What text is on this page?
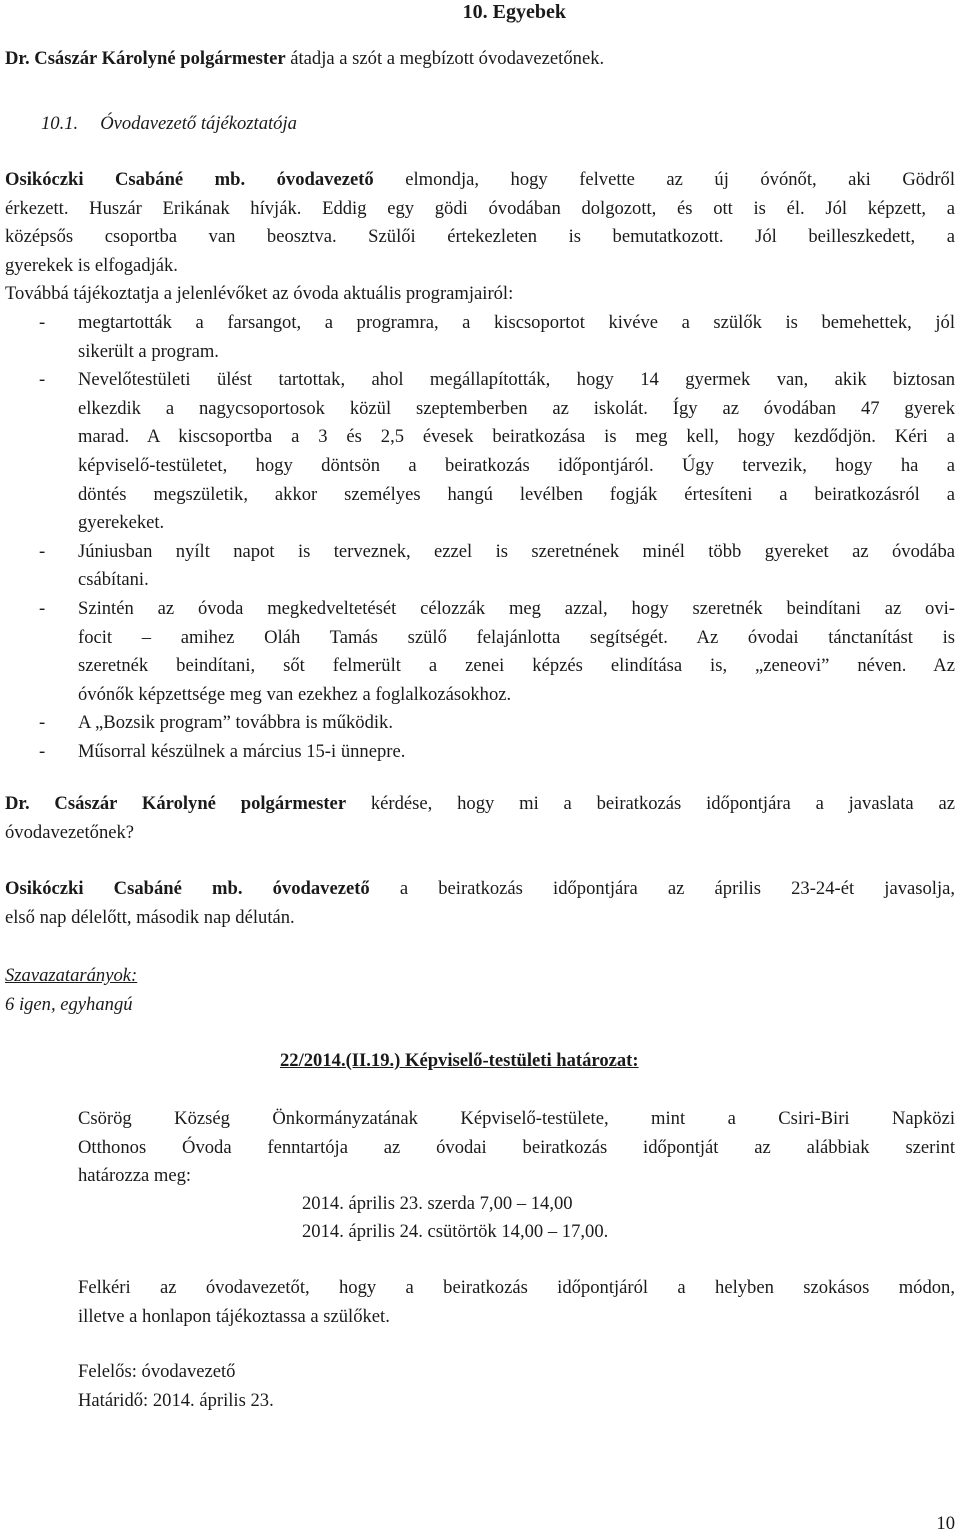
10. Egyebek

Dr. Császár Károlyné polgármester átadja a szót a megbízott óvodavezetőnek.

10.1. Óvodavezető tájékoztatója
Osikóczki Csabáné mb. óvodavezető elmondja, hogy felvette az új óvónőt, aki Gödről
érkezett. Huszár Erikának hívják. Eddig egy gödi óvodában dolgozott, és ott is él. Jól képzett, a
középsős csoportba van beosztva. Szülői értekezleten is bemutatkozott. Jól beilleszkedett, a
gyerekek is elfogadják.
Továbbá tájékoztatja a jelenlévőket az óvoda aktuális programjairól:
- megtartották a farsangot, a programra, a kiscsoportot kivéve a szülők is bemehettek, jól

sikerült a program.

- Nevelőtestületi ülést tartottak, ahol megállapították, hogy 14 gyermek van, akik biztosan

elkezdik a nagycsoportosok közül szeptemberben az iskolát. Így az óvodában 47 gyerek

marad. A kiscsoportba a 3 és 2,5 évesek beiratkozása is meg kell, hogy kezdődjön. Kéri a

képviselő-testületet, hogy döntsön a beiratkozás időpontjáról. Úgy tervezik, hogy ha a

döntés megszületik, akkor személyes hangú levélben fogják értesíteni a beiratkozásról a

gyerekeket.

- Júniusban nyílt napot is terveznek, ezzel is szeretnének minél több gyereket az óvodába

csábítani.

- Szintén az óvoda megkedveltetését célozzák meg azzal, hogy szeretnék beindítani az ovi-

focit – amihez Oláh Tamás szülő felajánlotta segítségét. Az óvodai tánctanítást is

szeretnék beindítani, sőt felmerült a zenei képzés elindítása is, „zeneovi” néven. Az

óvónők képzettsége meg van ezekhez a foglalkozásokhoz.

- A „Bozsik program” továbbra is működik.

- Műsorral készülnek a március 15-i ünnepre.

Dr. Császár Károlyné polgármester kérdése, hogy mi a beiratkozás időpontjára a javaslata az
óvodavezetőnek?
Osikóczki Csabáné mb. óvodavezető a beiratkozás időpontjára az április 23-24-ét javasolja,
első nap délelőtt, második nap délután.
Szavazatarányok:
6 igen, egyhangú
22/2014.(II.19.) Képviselő-testületi határozat:
Csörög Község Önkormányzatának Képviselő-testülete, mint a Csiri-Biri Napközi
Otthonos Óvoda fenntartója az óvodai beiratkozás időpontját az alábbiak szerint
határozza meg:
2014. április 23. szerda 7,00 – 14,00
2014. április 24. csütörtök 14,00 – 17,00.
Felkéri az óvodavezetőt, hogy a beiratkozás időpontjáról a helyben szokásos módon,
illetve a honlapon tájékoztassa a szülőket.
Felelős: óvodavezető
Határidő: 2014. április 23.
10
